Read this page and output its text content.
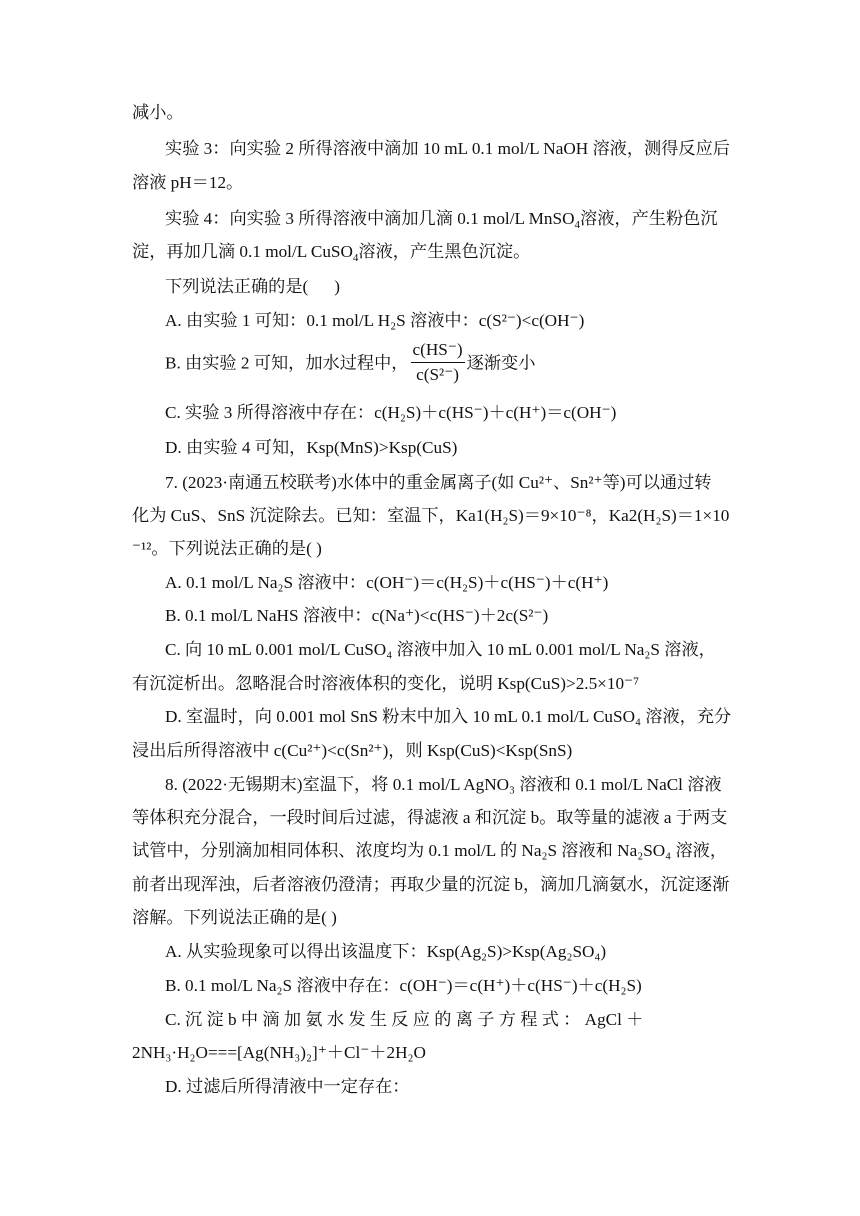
减小。
实验 3：向实验 2 所得溶液中滴加 10 mL 0.1 mol/L NaOH 溶液，测得反应后
溶液 pH＝12。
实验 4：向实验 3 所得溶液中滴加几滴 0.1 mol/L MnSO$_4$溶液，产生粉色沉
淀，再加几滴 0.1 mol/L CuSO$_4$溶液，产生黑色沉淀。
下列说法正确的是( )
A. 由实验 1 可知：0.1 mol/L H₂S 溶液中：c(S²⁻)<c(OH⁻)
B. 由实验 2 可知，加水过程中， $\frac{c(HS^-)}{\text{c(S²⁻)}}$ 逐渐变小
C. 实验 3 所得溶液中存在：c(H₂S)＋c(HS⁻)＋c(H⁺)＝c(OH⁻)
D. 由实验 4 可知，Ksp(MnS)>Ksp(CuS)
7. (2023·南通五校联考)水体中的重金属离子(如 Cu²⁺、Sn²⁺等)可以通过转
化为 CuS、SnS 沉淀除去。已知：室温下，Ka1(H₂S)＝9×10⁻⁸，Ka2(H₂S)＝1×10
⁻¹²。下列说法正确的是( )
A. 0.1 mol/L Na₂S 溶液中：c(OH⁻)＝c(H₂S)＋c(HS⁻)＋c(H⁺)
B. 0.1 mol/L NaHS 溶液中：c(Na⁺)<c(HS⁻)＋2c(S²⁻)
C. 向 10 mL 0.001 mol/L CuSO₄ 溶液中加入 10 mL 0.001 mol/L Na₂S 溶液，
有沉淀析出。忽略混合时溶液体积的变化，说明 Ksp(CuS)>2.5×10⁻⁷
D. 室温时，向 0.001 mol SnS 粉末中加入 10 mL 0.1 mol/L CuSO₄ 溶液，充分
浸出后所得溶液中 c(Cu²⁺)<c(Sn²⁺)，则 Ksp(CuS)<Ksp(SnS)
8. (2022·无锡期末)室温下，将 0.1 mol/L AgNO₃ 溶液和 0.1 mol/L NaCl 溶液
等体积充分混合，一段时间后过滤，得滤液 a 和沉淀 b。取等量的滤液 a 于两支
试管中，分别滴加相同体积、浓度均为 0.1 mol/L 的 Na₂S 溶液和 Na₂SO₄ 溶液，
前者出现浑浊，后者溶液仍澄清；再取少量的沉淀 b，滴加几滴氨水，沉淀逐渐
溶解。下列说法正确的是( )
A. 从实验现象可以得出该温度下：Ksp(Ag₂S)>Ksp(Ag₂SO₄)
B. 0.1 mol/L Na₂S 溶液中存在：c(OH⁻)＝c(H⁺)＋c(HS⁻)＋c(H₂S)
C. 沉 淀 b 中 滴 加 氨 水 发 生 反 应 的 离 子 方 程 式 ： AgCl ＋
2NH₃·H₂O===[Ag(NH₃)₂]⁺＋Cl⁻＋2H₂O
D. 过滤后所得清液中一定存在：
